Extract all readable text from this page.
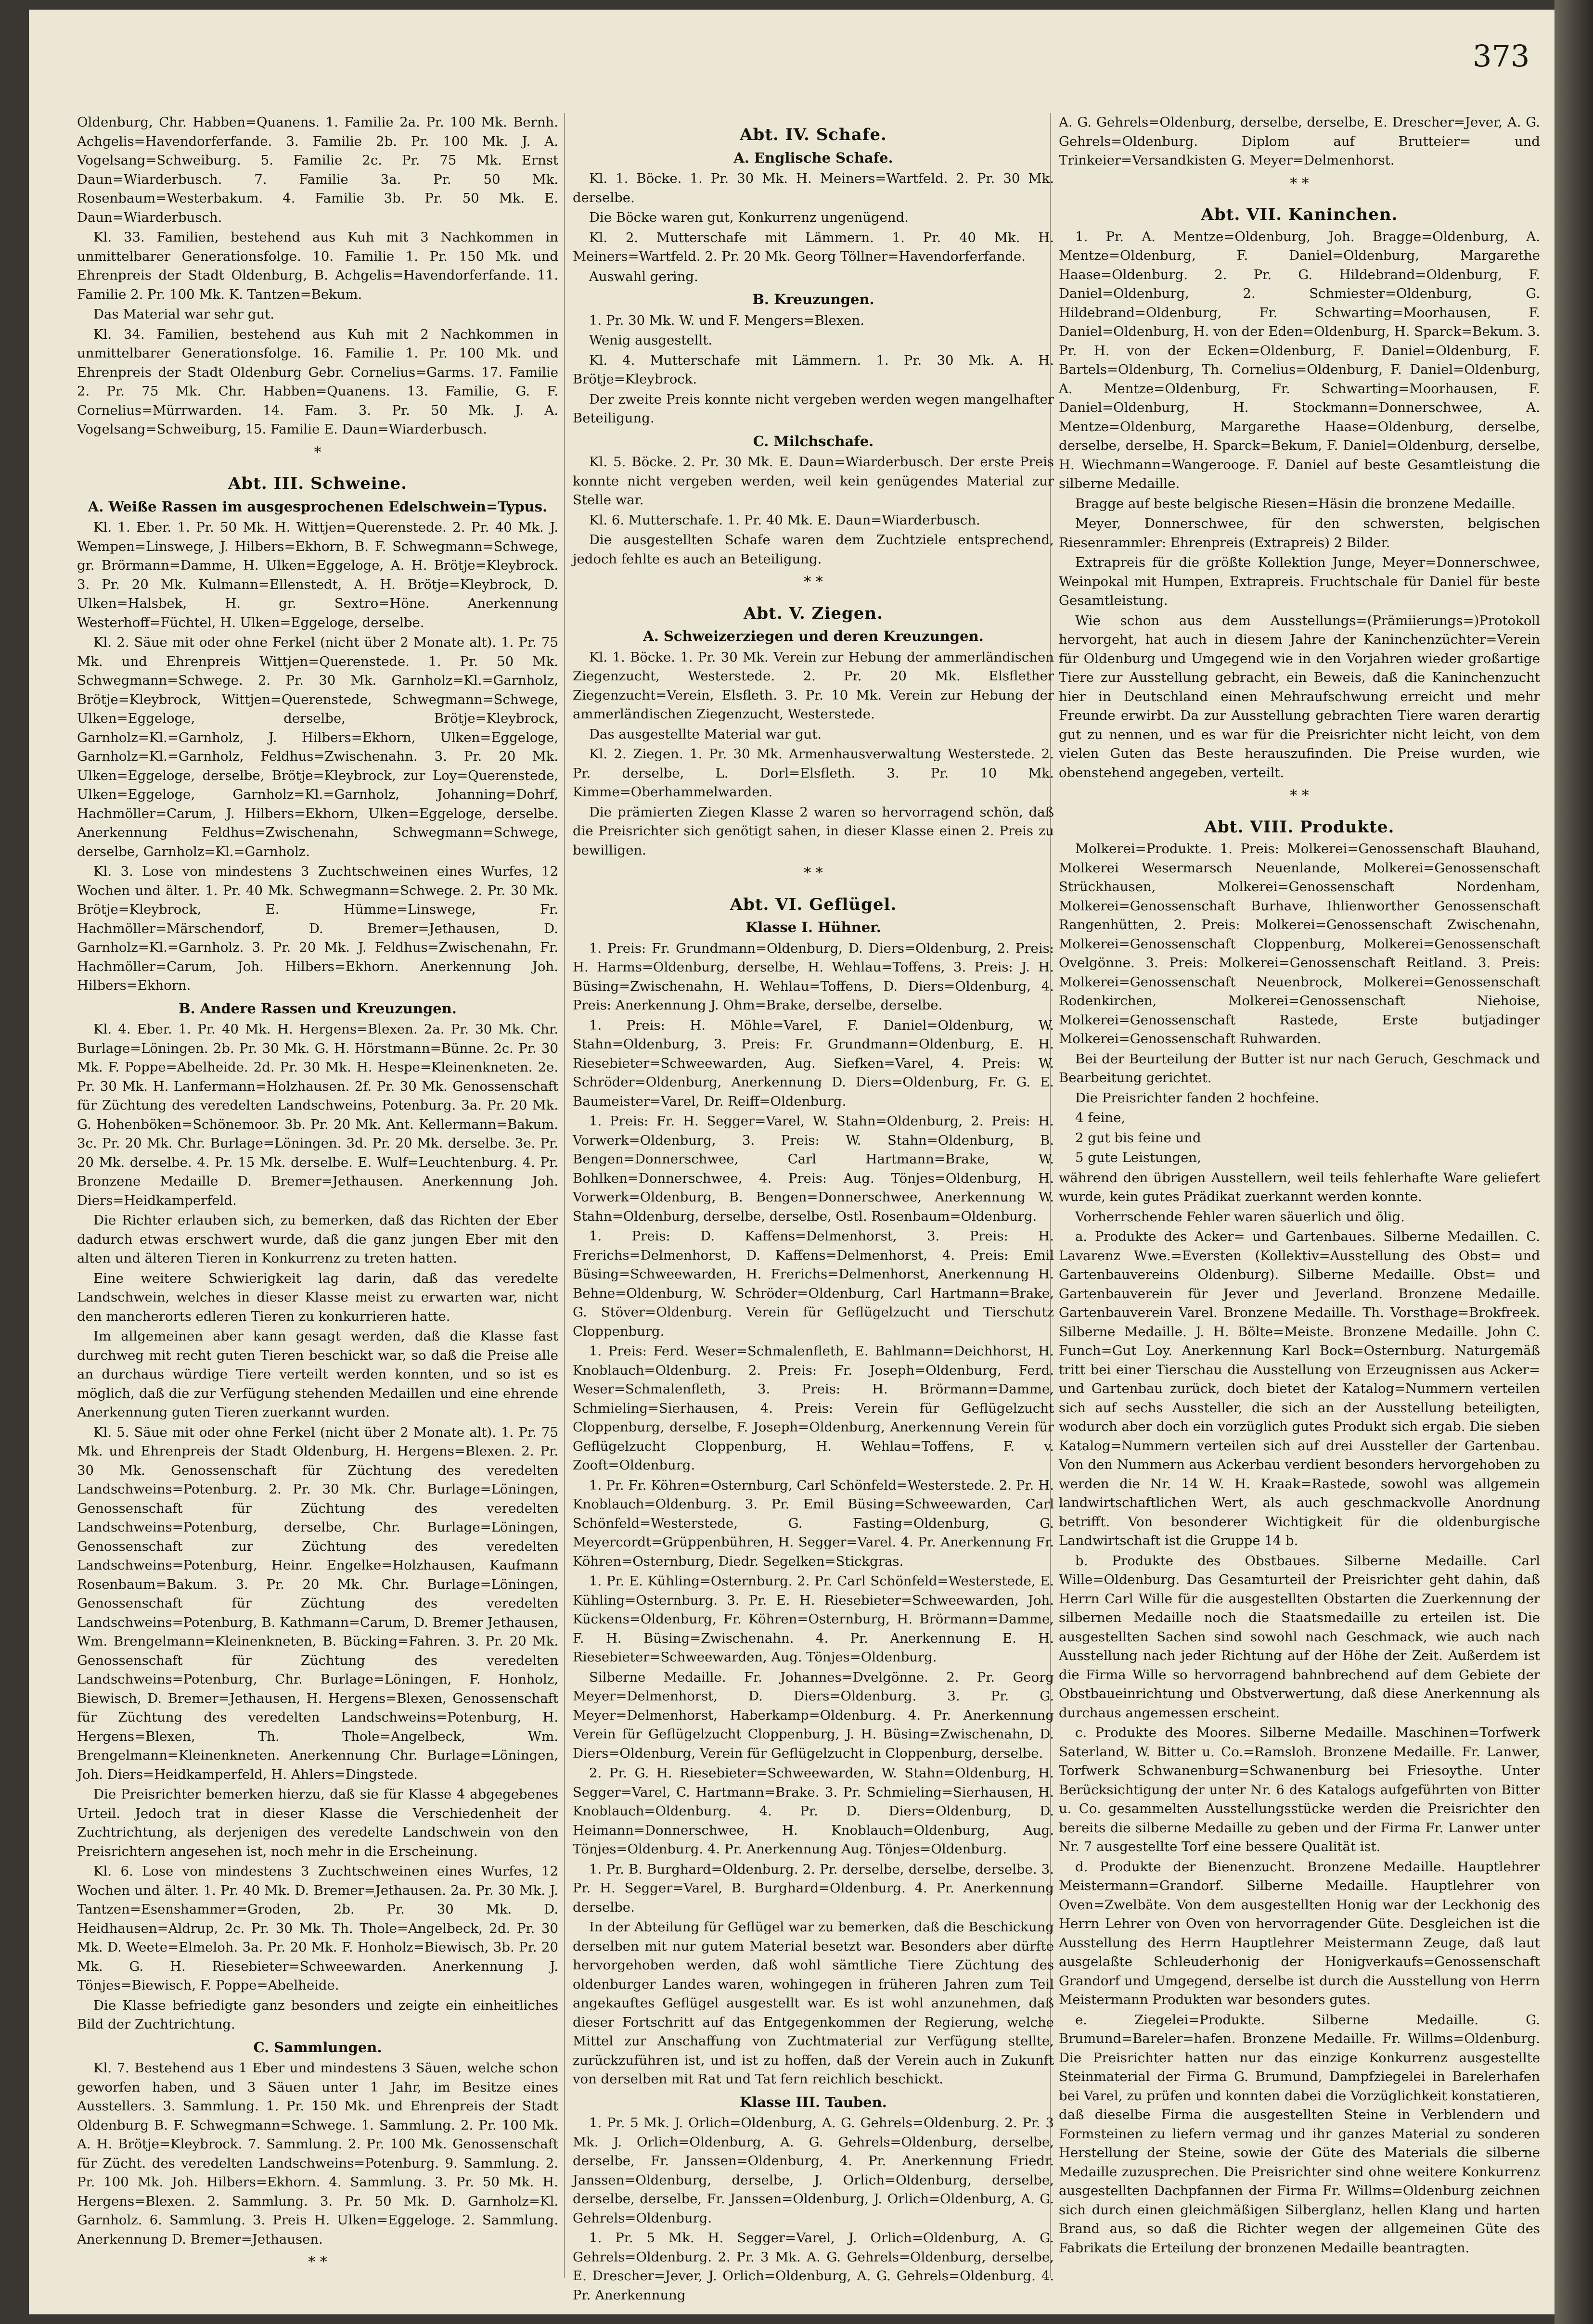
373

Oldenburg, Chr. Habben=Quanens. 1. Familie 2a. Pr. 100 Mk. Bernh. Achgelis=Havendorferfande. 3. Familie 2b. Pr. 100 Mk. J. A. Vogelsang=Schweiburg. 5. Familie 2c. Pr. 75 Mk. Ernst Daun=Wiarderbusch. 7. Familie 3a. Pr. 50 Mk. Rosenbaum=Westerbakum. 4. Familie 3b. Pr. 50 Mk. E. Daun=Wiarderbusch.

Kl. 33. Familien, bestehend aus Kuh mit 3 Nachkommen in unmittelbarer Generationsfolge. 10. Familie 1. Pr. 150 Mk. und Ehrenpreis der Stadt Oldenburg, B. Achgelis=Havendorferfande. 11. Familie 2. Pr. 100 Mk. K. Tantzen=Bekum.

Das Material war sehr gut.

Kl. 34. Familien, bestehend aus Kuh mit 2 Nachkommen in unmittelbarer Generationsfolge. 16. Familie 1. Pr. 100 Mk. und Ehrenpreis der Stadt Oldenburg Gebr. Cornelius=Garms. 17. Familie 2. Pr. 75 Mk. Chr. Habben=Quanens. 13. Familie, G. F. Cornelius=Mürrwarden. 14. Fam. 3. Pr. 50 Mk. J. A. Vogelsang=Schweiburg, 15. Familie E. Daun=Wiarderbusch.

*
Abt. III. Schweine.
A. Weiße Rassen im ausgesprochenen Edelschwein=Typus.

Kl. 1. Eber. 1. Pr. 50 Mk. H. Wittjen=Querenstede. 2. Pr. 40 Mk. J. Wempen=Linswege, J. Hilbers=Ekhorn, B. F. Schwegmann=Schwege, gr. Brörmann=Damme, H. Ulken=Eggeloge, A. H. Brötje=Kleybrock. 3. Pr. 20 Mk. Kulmann=Ellenstedt, A. H. Brötje=Kleybrock, D. Ulken=Halsbek, H. gr. Sextro=Höne. Anerkennung Westerhoff=Füchtel, H. Ulken=Eggeloge, derselbe.

Kl. 2. Säue mit oder ohne Ferkel (nicht über 2 Monate alt). 1. Pr. 75 Mk. und Ehrenpreis Wittjen=Querenstede. 1. Pr. 50 Mk. Schwegmann=Schwege. 2. Pr. 30 Mk. Garnholz=Kl.=Garnholz, Brötje=Kleybrock, Wittjen=Querenstede, Schwegmann=Schwege, Ulken=Eggeloge, derselbe, Brötje=Kleybrock, Garnholz=Kl.=Garnholz, J. Hilbers=Ekhorn, Ulken=Eggeloge, Garnholz=Kl.=Garnholz, Feldhus=Zwischenahn. 3. Pr. 20 Mk. Ulken=Eggeloge, derselbe, Brötje=Kleybrock, zur Loy=Querenstede, Ulken=Eggeloge, Garnholz=Kl.=Garnholz, Johanning=Dohrf, Hachmöller=Carum, J. Hilbers=Ekhorn, Ulken=Eggeloge, derselbe. Anerkennung Feldhus=Zwischenahn, Schwegmann=Schwege, derselbe, Garnholz=Kl.=Garnholz.

Kl. 3. Lose von mindestens 3 Zuchtschweinen eines Wurfes, 12 Wochen und älter. 1. Pr. 40 Mk. Schwegmann=Schwege. 2. Pr. 30 Mk. Brötje=Kleybrock, E. Hümme=Linswege, Fr. Hachmöller=Märschendorf, D. Bremer=Jethausen, D. Garnholz=Kl.=Garnholz. 3. Pr. 20 Mk. J. Feldhus=Zwischenahn, Fr. Hachmöller=Carum, Joh. Hilbers=Ekhorn. Anerkennung Joh. Hilbers=Ekhorn.

B. Andere Rassen und Kreuzungen.

Kl. 4. Eber. 1. Pr. 40 Mk. H. Hergens=Blexen. 2a. Pr. 30 Mk. Chr. Burlage=Löningen. 2b. Pr. 30 Mk. G. H. Hörstmann=Bünne. 2c. Pr. 30 Mk. F. Poppe=Abelheide. 2d. Pr. 30 Mk. H. Hespe=Kleinenkneten. 2e. Pr. 30 Mk. H. Lanfermann=Holzhausen. 2f. Pr. 30 Mk. Genossenschaft für Züchtung des veredelten Landschweins, Potenburg. 3a. Pr. 20 Mk. G. Hohenböken=Schönemoor. 3b. Pr. 20 Mk. Ant. Kellermann=Bakum. 3c. Pr. 20 Mk. Chr. Burlage=Löningen. 3d. Pr. 20 Mk. derselbe. 3e. Pr. 20 Mk. derselbe. 4. Pr. 15 Mk. derselbe. E. Wulf=Leuchtenburg. 4. Pr. Bronzene Medaille D. Bremer=Jethausen. Anerkennung Joh. Diers=Heidkamperfeld.

Die Richter erlauben sich, zu bemerken, daß das Richten der Eber dadurch etwas erschwert wurde, daß die ganz jungen Eber mit den alten und älteren Tieren in Konkurrenz zu treten hatten.

Eine weitere Schwierigkeit lag darin, daß das veredelte Landschwein, welches in dieser Klasse meist zu erwarten war, nicht den mancherorts edleren Tieren zu konkurrieren hatte.

Im allgemeinen aber kann gesagt werden, daß die Klasse fast durchweg mit recht guten Tieren beschickt war, so daß die Preise alle an durchaus würdige Tiere verteilt werden konnten, und so ist es möglich, daß die zur Verfügung stehenden Medaillen und eine ehrende Anerkennung guten Tieren zuerkannt wurden.

Kl. 5. Säue mit oder ohne Ferkel (nicht über 2 Monate alt). 1. Pr. 75 Mk. und Ehrenpreis der Stadt Oldenburg, H. Hergens=Blexen. 2. Pr. 30 Mk. Genossenschaft für Züchtung des veredelten Landschweins=Potenburg. 2. Pr. 30 Mk. Chr. Burlage=Löningen, Genossenschaft für Züchtung des veredelten Landschweins=Potenburg, derselbe, Chr. Burlage=Löningen, Genossenschaft zur Züchtung des veredelten Landschweins=Potenburg, Heinr. Engelke=Holzhausen, Kaufmann Rosenbaum=Bakum. 3. Pr. 20 Mk. Chr. Burlage=Löningen, Genossenschaft für Züchtung des veredelten Landschweins=Potenburg, B. Kathmann=Carum, D. Bremer Jethausen, Wm. Brengelmann=Kleinenkneten, B. Bücking=Fahren. 3. Pr. 20 Mk. Genossenschaft für Züchtung des veredelten Landschweins=Potenburg, Chr. Burlage=Löningen, F. Honholz, Biewisch, D. Bremer=Jethausen, H. Hergens=Blexen, Genossenschaft für Züchtung des veredelten Landschweins=Potenburg, H. Hergens=Blexen, Th. Thole=Angelbeck, Wm. Brengelmann=Kleinenkneten. Anerkennung Chr. Burlage=Löningen, Joh. Diers=Heidkamperfeld, H. Ahlers=Dingstede.

Die Preisrichter bemerken hierzu, daß sie für Klasse 4 abgegebenes Urteil. Jedoch trat in dieser Klasse die Verschiedenheit der Zuchtrichtung, als derjenigen des veredelte Landschwein von den Preisrichtern angesehen ist, noch mehr in die Erscheinung.

Kl. 6. Lose von mindestens 3 Zuchtschweinen eines Wurfes, 12 Wochen und älter. 1. Pr. 40 Mk. D. Bremer=Jethausen. 2a. Pr. 30 Mk. J. Tantzen=Esenshammer=Groden, 2b. Pr. 30 Mk. D. Heidhausen=Aldrup, 2c. Pr. 30 Mk. Th. Thole=Angelbeck, 2d. Pr. 30 Mk. D. Weete=Elmeloh. 3a. Pr. 20 Mk. F. Honholz=Biewisch, 3b. Pr. 20 Mk. G. H. Riesebieter=Schweewarden. Anerkennung J. Tönjes=Biewisch, F. Poppe=Abelheide.

Die Klasse befriedigte ganz besonders und zeigte ein einheitliches Bild der Zuchtrichtung.

C. Sammlungen.

Kl. 7. Bestehend aus 1 Eber und mindestens 3 Säuen, welche schon geworfen haben, und 3 Säuen unter 1 Jahr, im Besitze eines Ausstellers. 3. Sammlung. 1. Pr. 150 Mk. und Ehrenpreis der Stadt Oldenburg B. F. Schwegmann=Schwege. 1. Sammlung. 2. Pr. 100 Mk. A. H. Brötje=Kleybrock. 7. Sammlung. 2. Pr. 100 Mk. Genossenschaft für Zücht. des veredelten Landschweins=Potenburg. 9. Sammlung. 2. Pr. 100 Mk. Joh. Hilbers=Ekhorn. 4. Sammlung. 3. Pr. 50 Mk. H. Hergens=Blexen. 2. Sammlung. 3. Pr. 50 Mk. D. Garnholz=Kl. Garnholz. 6. Sammlung. 3. Preis H. Ulken=Eggeloge. 2. Sammlung. Anerkennung D. Bremer=Jethausen.

* *
Abt. IV. Schafe.
A. Englische Schafe.

Kl. 1. Böcke. 1. Pr. 30 Mk. H. Meiners=Wartfeld. 2. Pr. 30 Mk. derselbe.

Die Böcke waren gut, Konkurrenz ungenügend.

Kl. 2. Mutterschafe mit Lämmern. 1. Pr. 40 Mk. H. Meiners=Wartfeld. 2. Pr. 20 Mk. Georg Töllner=Havendorferfande.

Auswahl gering.

B. Kreuzungen.

1. Pr. 30 Mk. W. und F. Mengers=Blexen.

Wenig ausgestellt.

Kl. 4. Mutterschafe mit Lämmern. 1. Pr. 30 Mk. A. H. Brötje=Kleybrock.

Der zweite Preis konnte nicht vergeben werden wegen mangelhafter Beteiligung.

C. Milchschafe.

Kl. 5. Böcke. 2. Pr. 30 Mk. E. Daun=Wiarderbusch. Der erste Preis konnte nicht vergeben werden, weil kein genügendes Material zur Stelle war.

Kl. 6. Mutterschafe. 1. Pr. 40 Mk. E. Daun=Wiarderbusch.

Die ausgestellten Schafe waren dem Zuchtziele entsprechend, jedoch fehlte es auch an Beteiligung.

* *
Abt. V. Ziegen.
A. Schweizerziegen und deren Kreuzungen.

Kl. 1. Böcke. 1. Pr. 30 Mk. Verein zur Hebung der ammerländischen Ziegenzucht, Westerstede. 2. Pr. 20 Mk. Elsflether Ziegenzucht=Verein, Elsfleth. 3. Pr. 10 Mk. Verein zur Hebung der ammerländischen Ziegenzucht, Westerstede.

Das ausgestellte Material war gut.

Kl. 2. Ziegen. 1. Pr. 30 Mk. Armenhausverwaltung Westerstede. 2. Pr. derselbe, L. Dorl=Elsfleth. 3. Pr. 10 Mk. Kimme=Oberhammelwarden.

Die prämierten Ziegen Klasse 2 waren so hervorragend schön, daß die Preisrichter sich genötigt sahen, in dieser Klasse einen 2. Preis zu bewilligen.

* *
Abt. VI. Geflügel.
Klasse I. Hühner.

1. Preis: Fr. Grundmann=Oldenburg, D. Diers=Oldenburg, 2. Preis: H. Harms=Oldenburg, derselbe, H. Wehlau=Toffens, 3. Preis: J. H. Büsing=Zwischenahn, H. Wehlau=Toffens, D. Diers=Oldenburg, 4. Preis: Anerkennung J. Ohm=Brake, derselbe, derselbe.

1. Preis: H. Möhle=Varel, F. Daniel=Oldenburg, W. Stahn=Oldenburg, 3. Preis: Fr. Grundmann=Oldenburg, E. H. Riesebieter=Schweewarden, Aug. Siefken=Varel, 4. Preis: W. Schröder=Oldenburg, Anerkennung D. Diers=Oldenburg, Fr. G. E. Baumeister=Varel, Dr. Reiff=Oldenburg.

1. Preis: Fr. H. Segger=Varel, W. Stahn=Oldenburg, 2. Preis: H. Vorwerk=Oldenburg, 3. Preis: W. Stahn=Oldenburg, B. Bengen=Donnerschwee, Carl Hartmann=Brake, W. Bohlken=Donnerschwee, 4. Preis: Aug. Tönjes=Oldenburg, H. Vorwerk=Oldenburg, B. Bengen=Donnerschwee, Anerkennung W. Stahn=Oldenburg, derselbe, derselbe, Ostl. Rosenbaum=Oldenburg.

1. Preis: D. Kaffens=Delmenhorst, 3. Preis: H. Frerichs=Delmenhorst, D. Kaffens=Delmenhorst, 4. Preis: Emil Büsing=Schweewarden, H. Frerichs=Delmenhorst, Anerkennung H. Behne=Oldenburg, W. Schröder=Oldenburg, Carl Hartmann=Brake, G. Stöver=Oldenburg. Verein für Geflügelzucht und Tierschutz Cloppenburg.

1. Preis: Ferd. Weser=Schmalenfleth, E. Bahlmann=Deichhorst, H. Knoblauch=Oldenburg. 2. Preis: Fr. Joseph=Oldenburg, Ferd. Weser=Schmalenfleth, 3. Preis: H. Brörmann=Damme, Schmieling=Sierhausen, 4. Preis: Verein für Geflügelzucht Cloppenburg, derselbe, F. Joseph=Oldenburg, Anerkennung Verein für Geflügelzucht Cloppenburg, H. Wehlau=Toffens, F. v. Zooft=Oldenburg.

1. Pr. Fr. Köhren=Osternburg, Carl Schönfeld=Westerstede. 2. Pr. H. Knoblauch=Oldenburg. 3. Pr. Emil Büsing=Schweewarden, Carl Schönfeld=Westerstede, G. Fasting=Oldenburg, G. Meyercordt=Grüppenbühren, H. Segger=Varel. 4. Pr. Anerkennung Fr. Köhren=Osternburg, Diedr. Segelken=Stickgras.

1. Pr. E. Kühling=Osternburg. 2. Pr. Carl Schönfeld=Westerstede, E. Kühling=Osternburg. 3. Pr. E. H. Riesebieter=Schweewarden, Joh. Kückens=Oldenburg, Fr. Köhren=Osternburg, H. Brörmann=Damme, F. H. Büsing=Zwischenahn. 4. Pr. Anerkennung E. H. Riesebieter=Schweewarden, Aug. Tönjes=Oldenburg.

Silberne Medaille. Fr. Johannes=Dvelgönne. 2. Pr. Georg Meyer=Delmenhorst, D. Diers=Oldenburg. 3. Pr. G. Meyer=Delmenhorst, Haberkamp=Oldenburg. 4. Pr. Anerkennung Verein für Geflügelzucht Cloppenburg, J. H. Büsing=Zwischenahn, D. Diers=Oldenburg, Verein für Geflügelzucht in Cloppenburg, derselbe.

2. Pr. G. H. Riesebieter=Schweewarden, W. Stahn=Oldenburg, H. Segger=Varel, C. Hartmann=Brake. 3. Pr. Schmieling=Sierhausen, H. Knoblauch=Oldenburg. 4. Pr. D. Diers=Oldenburg, D. Heimann=Donnerschwee, H. Knoblauch=Oldenburg, Aug. Tönjes=Oldenburg. 4. Pr. Anerkennung Aug. Tönjes=Oldenburg.

1. Pr. B. Burghard=Oldenburg. 2. Pr. derselbe, derselbe, derselbe. 3. Pr. H. Segger=Varel, B. Burghard=Oldenburg. 4. Pr. Anerkennung derselbe.

In der Abteilung für Geflügel war zu bemerken, daß die Beschickung derselben mit nur gutem Material besetzt war. Besonders aber dürfte hervorgehoben werden, daß wohl sämtliche Tiere Züchtung des oldenburger Landes waren, wohingegen in früheren Jahren zum Teil angekauftes Geflügel ausgestellt war. Es ist wohl anzunehmen, daß dieser Fortschritt auf das Entgegenkommen der Regierung, welche Mittel zur Anschaffung von Zuchtmaterial zur Verfügung stellte, zurückzuführen ist, und ist zu hoffen, daß der Verein auch in Zukunft von derselben mit Rat und Tat fern reichlich beschickt.

Klasse III. Tauben.

1. Pr. 5 Mk. J. Orlich=Oldenburg, A. G. Gehrels=Oldenburg. 2. Pr. 3 Mk. J. Orlich=Oldenburg, A. G. Gehrels=Oldenburg, derselbe, derselbe, Fr. Janssen=Oldenburg, 4. Pr. Anerkennung Friedr. Janssen=Oldenburg, derselbe, J. Orlich=Oldenburg, derselbe, derselbe, derselbe, Fr. Janssen=Oldenburg, J. Orlich=Oldenburg, A. G. Gehrels=Oldenburg.

1. Pr. 5 Mk. H. Segger=Varel, J. Orlich=Oldenburg, A. G. Gehrels=Oldenburg. 2. Pr. 3 Mk. A. G. Gehrels=Oldenburg, derselbe, E. Drescher=Jever, J. Orlich=Oldenburg, A. G. Gehrels=Oldenburg. 4. Pr. Anerkennung

A. G. Gehrels=Oldenburg, derselbe, derselbe, E. Drescher=Jever, A. G. Gehrels=Oldenburg. Diplom auf Brutteier= und Trinkeier=Versandkisten G. Meyer=Delmenhorst.

* *
Abt. VII. Kaninchen.

1. Pr. A. Mentze=Oldenburg, Joh. Bragge=Oldenburg, A. Mentze=Oldenburg, F. Daniel=Oldenburg, Margarethe Haase=Oldenburg. 2. Pr. G. Hildebrand=Oldenburg, F. Daniel=Oldenburg, 2. Schmiester=Oldenburg, G. Hildebrand=Oldenburg, Fr. Schwarting=Moorhausen, F. Daniel=Oldenburg, H. von der Eden=Oldenburg, H. Sparck=Bekum. 3. Pr. H. von der Ecken=Oldenburg, F. Daniel=Oldenburg, F. Bartels=Oldenburg, Th. Cornelius=Oldenburg, F. Daniel=Oldenburg, A. Mentze=Oldenburg, Fr. Schwarting=Moorhausen, F. Daniel=Oldenburg, H. Stockmann=Donnerschwee, A. Mentze=Oldenburg, Margarethe Haase=Oldenburg, derselbe, derselbe, derselbe, H. Sparck=Bekum, F. Daniel=Oldenburg, derselbe, H. Wiechmann=Wangerooge. F. Daniel auf beste Gesamtleistung die silberne Medaille.

Bragge auf beste belgische Riesen=Häsin die bronzene Medaille.

Meyer, Donnerschwee, für den schwersten, belgischen Riesenrammler: Ehrenpreis (Extrapreis) 2 Bilder.

Extrapreis für die größte Kollektion Junge, Meyer=Donnerschwee, Weinpokal mit Humpen, Extrapreis. Fruchtschale für Daniel für beste Gesamtleistung.

Wie schon aus dem Ausstellungs=(Prämiierungs=)Protokoll hervorgeht, hat auch in diesem Jahre der Kaninchenzüchter=Verein für Oldenburg und Umgegend wie in den Vorjahren wieder großartige Tiere zur Ausstellung gebracht, ein Beweis, daß die Kaninchenzucht hier in Deutschland einen Mehraufschwung erreicht und mehr Freunde erwirbt. Da zur Ausstellung gebrachten Tiere waren derartig gut zu nennen, und es war für die Preisrichter nicht leicht, von dem vielen Guten das Beste herauszufinden. Die Preise wurden, wie obenstehend angegeben, verteilt.

* *
Abt. VIII. Produkte.

Molkerei=Produkte. 1. Preis: Molkerei=Genossenschaft Blauhand, Molkerei Wesermarsch Neuenlande, Molkerei=Genossenschaft Strückhausen, Molkerei=Genossenschaft Nordenham, Molkerei=Genossenschaft Burhave, Ihlienworther Genossenschaft Rangenhütten, 2. Preis: Molkerei=Genossenschaft Zwischenahn, Molkerei=Genossenschaft Cloppenburg, Molkerei=Genossenschaft Ovelgönne. 3. Preis: Molkerei=Genossenschaft Reitland. 3. Preis: Molkerei=Genossenschaft Neuenbrock, Molkerei=Genossenschaft Rodenkirchen, Molkerei=Genossenschaft Niehoise, Molkerei=Genossenschaft Rastede, Erste butjadinger Molkerei=Genossenschaft Ruhwarden.

Bei der Beurteilung der Butter ist nur nach Geruch, Geschmack und Bearbeitung gerichtet.

Die Preisrichter fanden 2 hochfeine.

4 feine,

2 gut bis feine und

5 gute Leistungen,

während den übrigen Ausstellern, weil teils fehlerhafte Ware geliefert wurde, kein gutes Prädikat zuerkannt werden konnte.

Vorherrschende Fehler waren säuerlich und ölig.

a. Produkte des Acker= und Gartenbaues. Silberne Medaillen. C. Lavarenz Wwe.=Eversten (Kollektiv=Ausstellung des Obst= und Gartenbauvereins Oldenburg). Silberne Medaille. Obst= und Gartenbauverein für Jever und Jeverland. Bronzene Medaille. Gartenbauverein Varel. Bronzene Medaille. Th. Vorsthage=Brokfreek. Silberne Medaille. J. H. Bölte=Meiste. Bronzene Medaille. John C. Funch=Gut Loy. Anerkennung Karl Bock=Osternburg. Naturgemäß tritt bei einer Tierschau die Ausstellung von Erzeugnissen aus Acker= und Gartenbau zurück, doch bietet der Katalog=Nummern verteilen sich auf sechs Aussteller, die sich an der Ausstellung beteiligten, wodurch aber doch ein vorzüglich gutes Produkt sich ergab. Die sieben Katalog=Nummern verteilen sich auf drei Aussteller der Gartenbau. Von den Nummern aus Ackerbau verdient besonders hervorgehoben zu werden die Nr. 14 W. H. Kraak=Rastede, sowohl was allgemein landwirtschaftlichen Wert, als auch geschmackvolle Anordnung betrifft. Von besonderer Wichtigkeit für die oldenburgische Landwirtschaft ist die Gruppe 14 b.

b. Produkte des Obstbaues. Silberne Medaille. Carl Wille=Oldenburg. Das Gesamturteil der Preisrichter geht dahin, daß Herrn Carl Wille für die ausgestellten Obstarten die Zuerkennung der silbernen Medaille noch die Staatsmedaille zu erteilen ist. Die ausgestellten Sachen sind sowohl nach Geschmack, wie auch nach Ausstellung nach jeder Richtung auf der Höhe der Zeit. Außerdem ist die Firma Wille so hervorragend bahnbrechend auf dem Gebiete der Obstbaueinrichtung und Obstverwertung, daß diese Anerkennung als durchaus angemessen erscheint.

c. Produkte des Moores. Silberne Medaille. Maschinen=Torfwerk Saterland, W. Bitter u. Co.=Ramsloh. Bronzene Medaille. Fr. Lanwer, Torfwerk Schwanenburg=Schwanenburg bei Friesoythe. Unter Berücksichtigung der unter Nr. 6 des Katalogs aufgeführten von Bitter u. Co. gesammelten Ausstellungsstücke werden die Preisrichter den bereits die silberne Medaille zu geben und der Firma Fr. Lanwer unter Nr. 7 ausgestellte Torf eine bessere Qualität ist.

d. Produkte der Bienenzucht. Bronzene Medaille. Hauptlehrer Meistermann=Grandorf. Silberne Medaille. Hauptlehrer von Oven=Zwelbäte. Von dem ausgestellten Honig war der Leckhonig des Herrn Lehrer von Oven von hervorragender Güte. Desgleichen ist die Ausstellung des Herrn Hauptlehrer Meistermann Zeuge, daß laut ausgelaßte Schleuderhonig der Honigverkaufs=Genossenschaft Grandorf und Umgegend, derselbe ist durch die Ausstellung von Herrn Meistermann Produkten war besonders gutes.

e. Ziegelei=Produkte. Silberne Medaille. G. Brumund=Bareler=hafen. Bronzene Medaille. Fr. Willms=Oldenburg. Die Preisrichter hatten nur das einzige Konkurrenz ausgestellte Steinmaterial der Firma G. Brumund, Dampfziegelei in Barelerhafen bei Varel, zu prüfen und konnten dabei die Vorzüglichkeit konstatieren, daß dieselbe Firma die ausgestellten Steine in Verblendern und Formsteinen zu liefern vermag und ihr ganzes Material zu sonderen Herstellung der Steine, sowie der Güte des Materials die silberne Medaille zuzusprechen. Die Preisrichter sind ohne weitere Konkurrenz ausgestellten Dachpfannen der Firma Fr. Willms=Oldenburg zeichnen sich durch einen gleichmäßigen Silberglanz, hellen Klang und harten Brand aus, so daß die Richter wegen der allgemeinen Güte des Fabrikats die Erteilung der bronzenen Medaille beantragten.
